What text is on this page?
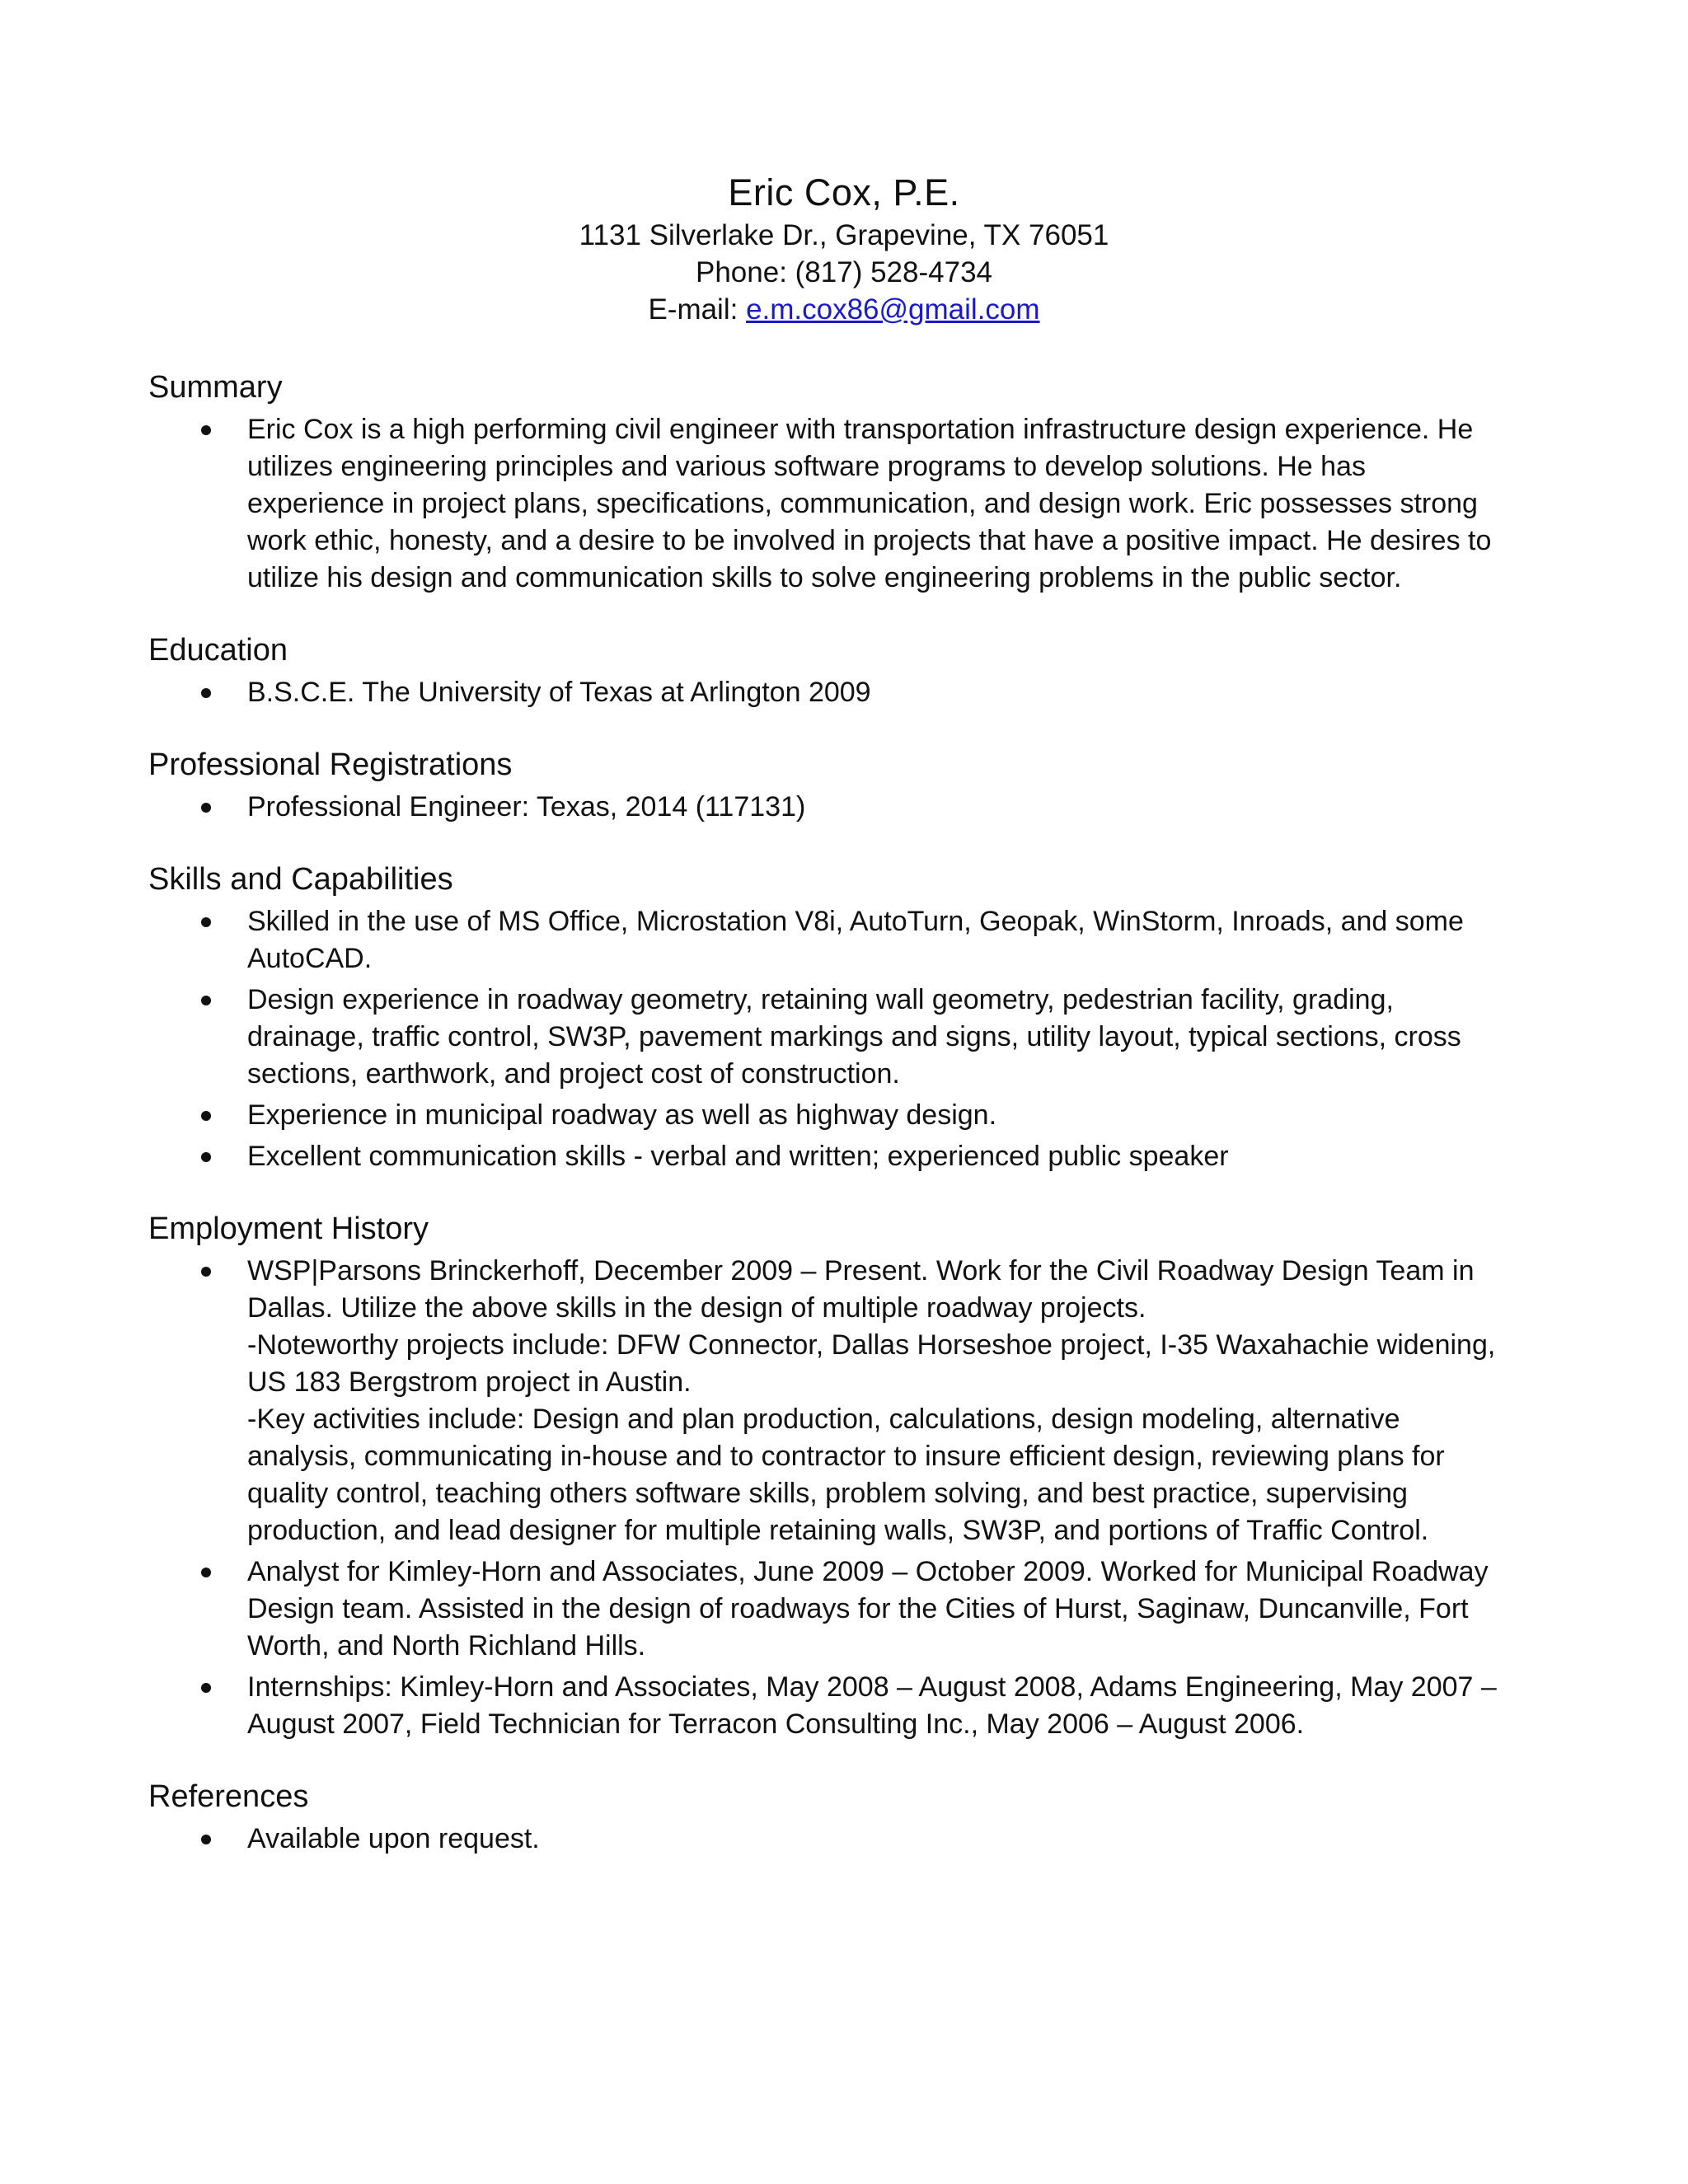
Eric Cox, P.E.
1131 Silverlake Dr., Grapevine, TX 76051
Phone: (817) 528-4734
E-mail: e.m.cox86@gmail.com
Summary
Eric Cox is a high performing civil engineer with transportation infrastructure design experience. He utilizes engineering principles and various software programs to develop solutions. He has experience in project plans, specifications, communication, and design work. Eric possesses strong work ethic, honesty, and a desire to be involved in projects that have a positive impact. He desires to utilize his design and communication skills to solve engineering problems in the public sector.
Education
B.S.C.E. The University of Texas at Arlington 2009
Professional Registrations
Professional Engineer: Texas, 2014 (117131)
Skills and Capabilities
Skilled in the use of MS Office, Microstation V8i, AutoTurn, Geopak, WinStorm, Inroads, and some AutoCAD.
Design experience in roadway geometry, retaining wall geometry, pedestrian facility, grading, drainage, traffic control, SW3P, pavement markings and signs, utility layout, typical sections, cross sections, earthwork, and project cost of construction.
Experience in municipal roadway as well as highway design.
Excellent communication skills - verbal and written; experienced public speaker
Employment History
WSP|Parsons Brinckerhoff, December 2009 – Present. Work for the Civil Roadway Design Team in Dallas. Utilize the above skills in the design of multiple roadway projects.
-Noteworthy projects include: DFW Connector, Dallas Horseshoe project, I-35 Waxahachie widening, US 183 Bergstrom project in Austin.
-Key activities include: Design and plan production, calculations, design modeling, alternative analysis, communicating in-house and to contractor to insure efficient design, reviewing plans for quality control, teaching others software skills, problem solving, and best practice, supervising production, and lead designer for multiple retaining walls, SW3P, and portions of Traffic Control.
Analyst for Kimley-Horn and Associates, June 2009 – October 2009. Worked for Municipal Roadway Design team. Assisted in the design of roadways for the Cities of Hurst, Saginaw, Duncanville, Fort Worth, and North Richland Hills.
Internships: Kimley-Horn and Associates, May 2008 – August 2008, Adams Engineering, May 2007 – August 2007, Field Technician for Terracon Consulting Inc., May 2006 – August 2006.
References
Available upon request.
